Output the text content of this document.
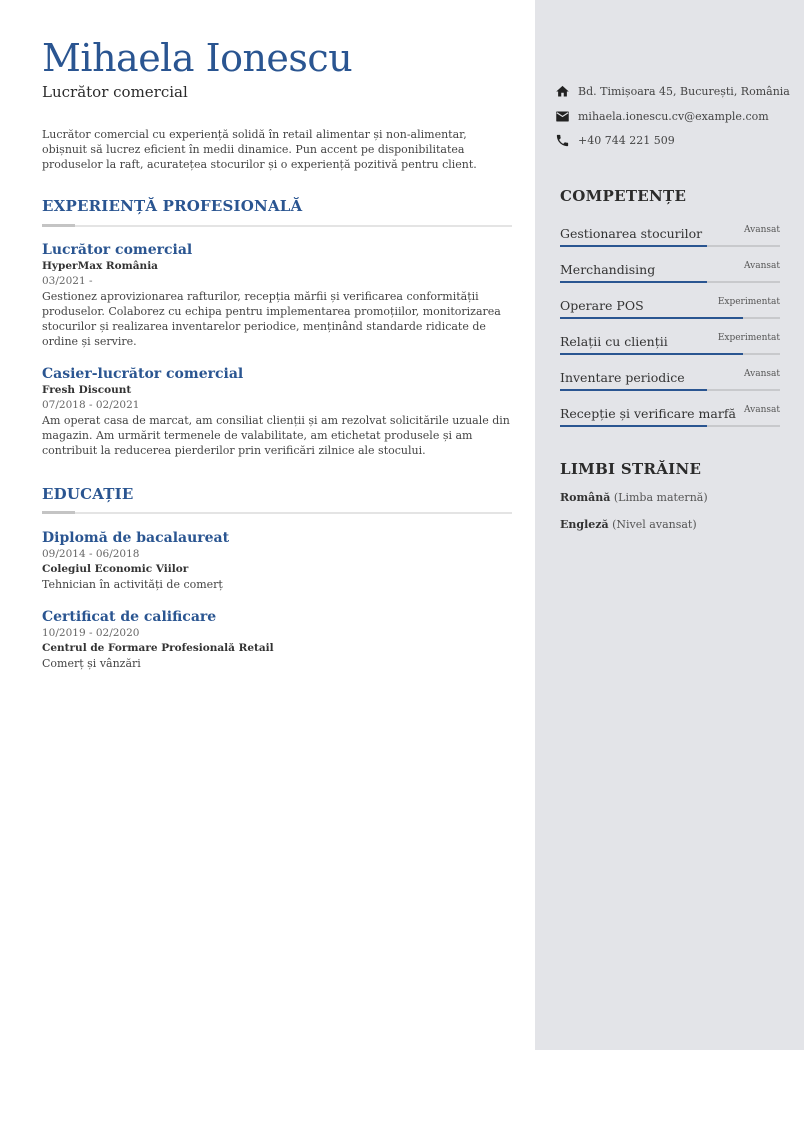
Mihaela Ionescu
Lucrător comercial
Lucrător comercial cu experiență solidă în retail alimentar și non-alimentar, obișnuit să lucrez eficient în medii dinamice. Pun accent pe disponibilitatea produselor la raft, acuratețea stocurilor și o experiență pozitivă pentru client.
EXPERIENȚĂ PROFESIONALĂ
Lucrător comercial
HyperMax România
03/2021 -
Gestionez aprovizionarea rafturilor, recepția mărfii și verificarea conformității produselor. Colaborez cu echipa pentru implementarea promoțiilor, monitorizarea stocurilor și realizarea inventarelor periodice, menținând standarde ridicate de ordine și servire.
Casier-lucrător comercial
Fresh Discount
07/2018 - 02/2021
Am operat casa de marcat, am consiliat clienții și am rezolvat solicitările uzuale din magazin. Am urmărit termenele de valabilitate, am etichetat produsele și am contribuit la reducerea pierderilor prin verificări zilnice ale stocului.
EDUCAȚIE
Diplomă de bacalaureat
09/2014 - 06/2018
Colegiul Economic Viilor
Tehnician în activități de comerț
Certificat de calificare
10/2019 - 02/2020
Centrul de Formare Profesională Retail
Comerț și vânzări
Bd. Timișoara 45, București, România
mihaela.ionescu.cv@example.com
+40 744 221 509
COMPETENȚE
Gestionarea stocurilor	Avansat
Merchandising	Avansat
Operare POS	Experimentat
Relații cu clienții	Experimentat
Inventare periodice	Avansat
Recepție și verificare marfă Avansat
LIMBI STRĂINE
Română (Limba maternă)
Engleză (Nivel avansat)
